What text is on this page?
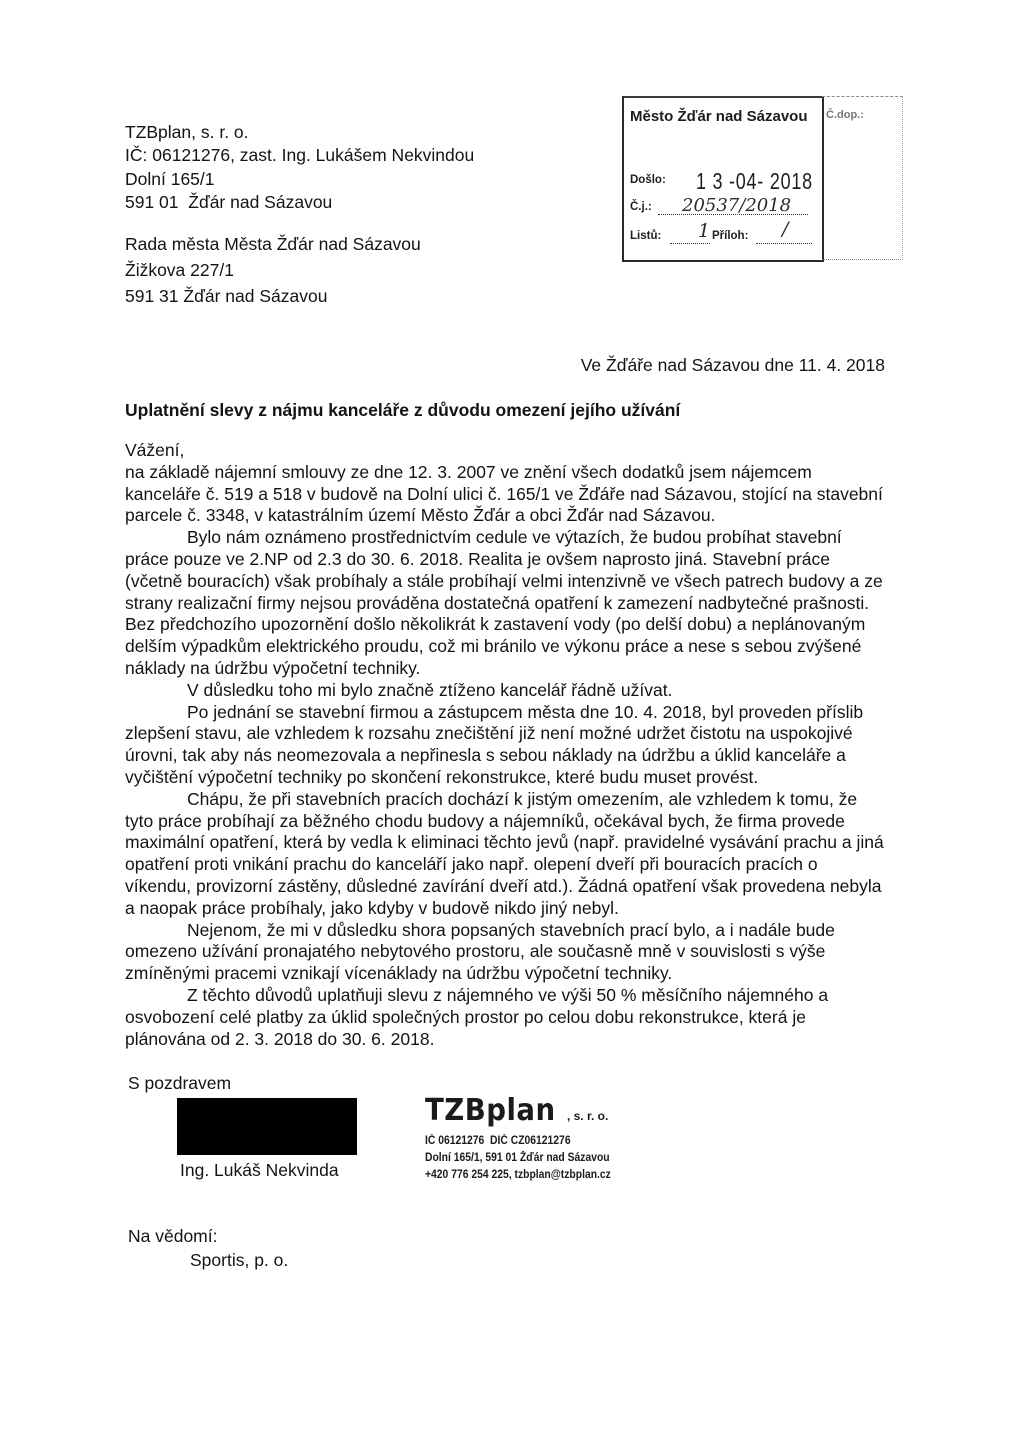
TZBplan, s. r. o.
IČ: 06121276, zast. Ing. Lukášem Nekvindou
Dolní 165/1
591 01  Žďár nad Sázavou
Rada města Města Žďár nad Sázavou
Žižkova 227/1
591 31 Žďár nad Sázavou
Město Žďár nad Sázavou
Došlo: 1 3 -04- 2018
Č.j.: 20537/2018
Listů: 1 Příloh: /
Č.dop.:
Ve Žďáře nad Sázavou dne 11. 4. 2018
Uplatnění slevy z nájmu kanceláře z důvodu omezení jejího užívání

Vážení,

na základě nájemní smlouvy ze dne 12. 3. 2007 ve znění všech dodatků jsem nájemcem kanceláře č. 519 a 518 v budově na Dolní ulici č. 165/1 ve Žďáře nad Sázavou, stojící na stavební parcele č. 3348, v katastrálním území Město Žďár a obci Žďár nad Sázavou.

Bylo nám oznámeno prostřednictvím cedule ve výtazích, že budou probíhat stavební práce pouze ve 2.NP od 2.3 do 30. 6. 2018. Realita je ovšem naprosto jiná. Stavební práce (včetně bouracích) však probíhaly a stále probíhají velmi intenzivně ve všech patrech budovy a ze strany realizační firmy nejsou prováděna dostatečná opatření k zamezení nadbytečné prašnosti. Bez předchozího upozornění došlo několikrát k zastavení vody (po delší dobu) a neplánovaným delším výpadkům elektrického proudu, což mi bránilo ve výkonu práce a nese s sebou zvýšené náklady na údržbu výpočetní techniky.

V důsledku toho mi bylo značně ztíženo kancelář řádně užívat.

Po jednání se stavební firmou a zástupcem města dne 10. 4. 2018, byl proveden příslib zlepšení stavu, ale vzhledem k rozsahu znečištění již není možné udržet čistotu na uspokojivé úrovni, tak aby nás neomezovala a nepřinesla s sebou náklady na údržbu a úklid kanceláře a vyčištění výpočetní techniky po skončení rekonstrukce, které budu muset provést.

Chápu, že při stavebních pracích dochází k jistým omezením, ale vzhledem k tomu, že tyto práce probíhají za běžného chodu budovy a nájemníků, očekával bych, že firma provede maximální opatření, která by vedla k eliminaci těchto jevů (např. pravidelné vysávání prachu a jiná opatření proti vnikání prachu do kanceláří jako např. olepení dveří při bouracích pracích o víkendu, provizorní zástěny, důsledné zavírání dveří atd.). Žádná opatření však provedena nebyla a naopak práce probíhaly, jako kdyby v budově nikdo jiný nebyl.

Nejenom, že mi v důsledku shora popsaných stavebních prací bylo, a i nadále bude omezeno užívání pronajatého nebytového prostoru, ale současně mně v souvislosti s výše zmíněnými pracemi vznikají vícenáklady na údržbu výpočetní techniky.

Z těchto důvodů uplatňuji slevu z nájemného ve výši 50 % měsíčního nájemného a osvobození celé platby za úklid společných prostor po celou dobu rekonstrukce, která je plánována od 2. 3. 2018 do 30. 6. 2018.

S pozdravem
Ing. Lukáš Nekvinda
TZBplan , s. r. o.
IČ 06121276  DIČ CZ06121276
Dolní 165/1, 591 01 Žďár nad Sázavou
+420 776 254 225, tzbplan@tzbplan.cz
Na vědomí:
Sportis, p. o.
